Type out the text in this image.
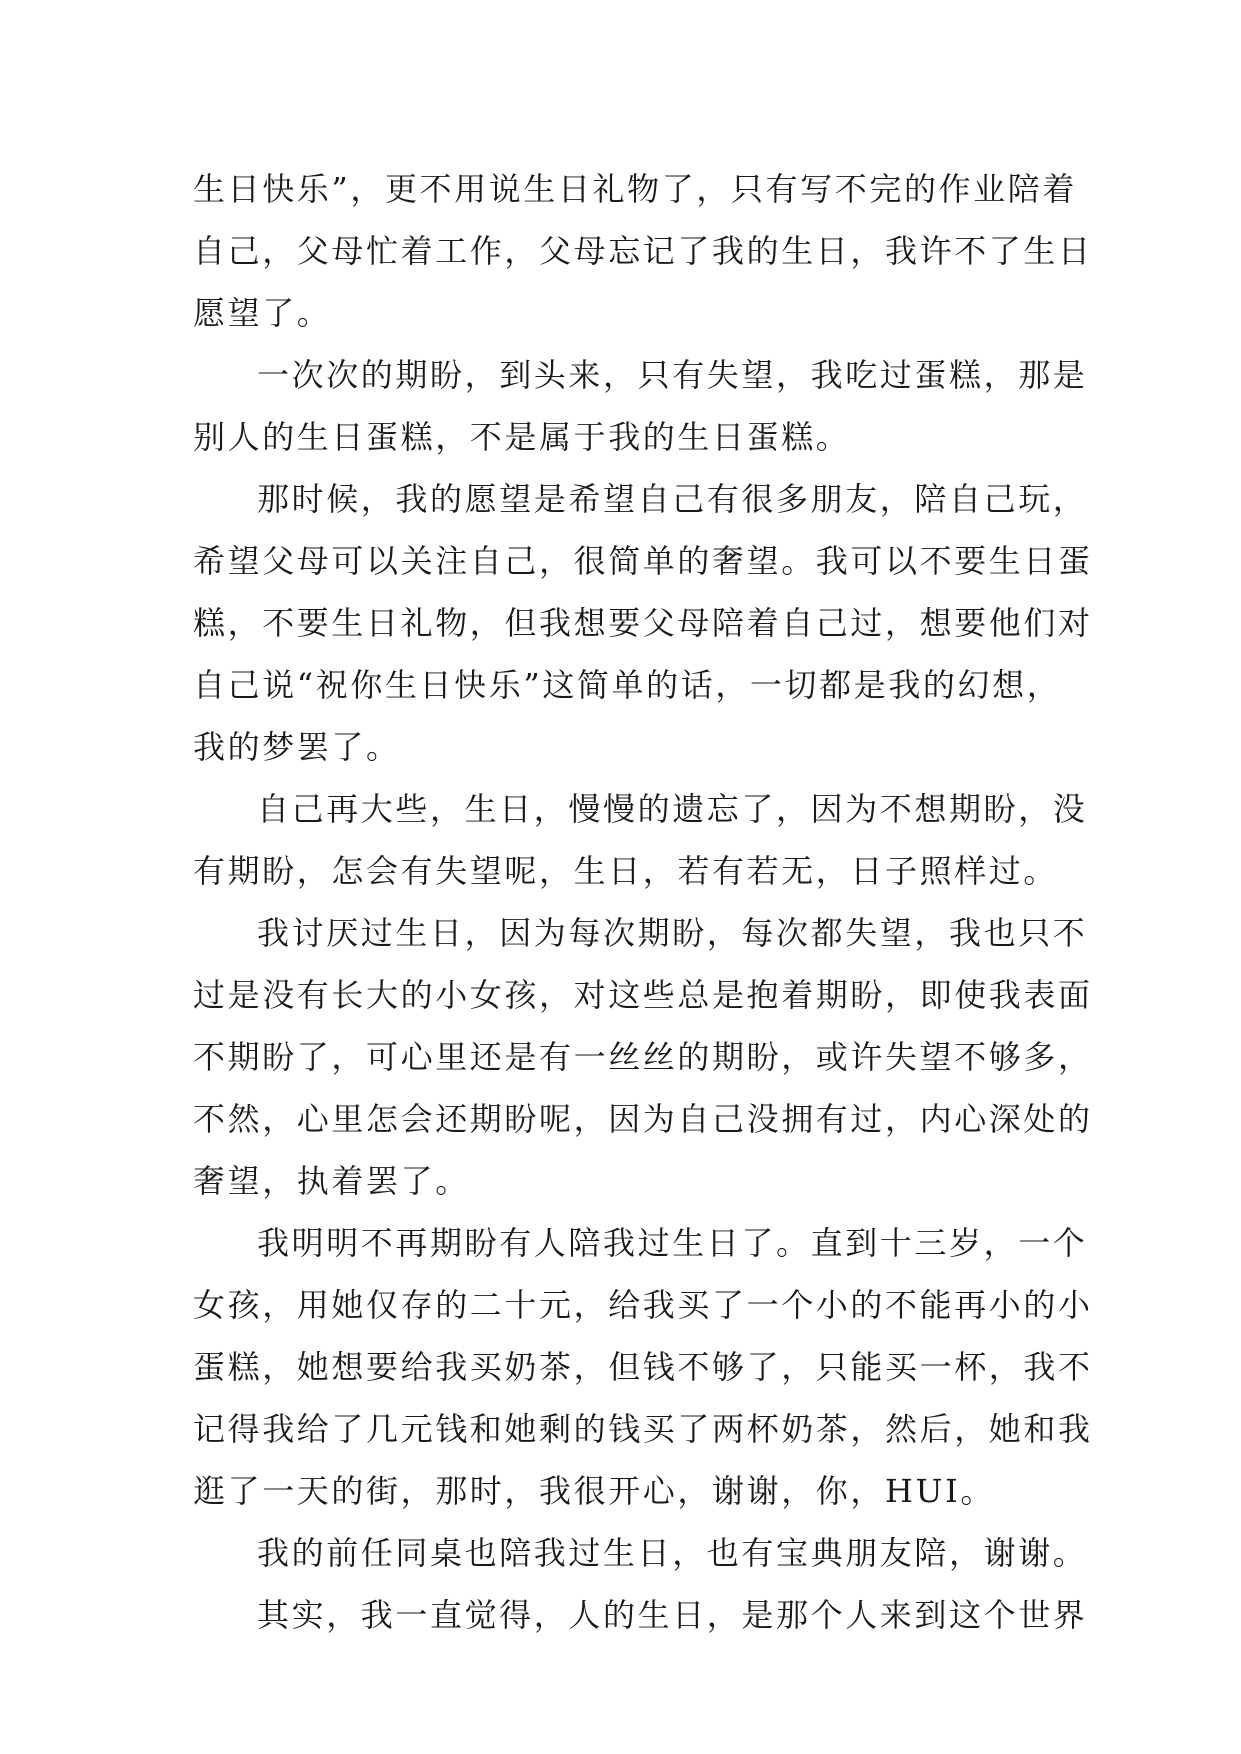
生日快乐”，更不用说生日礼物了，只有写不完的作业陪着
自己，父母忙着工作，父母忘记了我的生日，我许不了生日
愿望了。
一次次的期盼，到头来，只有失望，我吃过蛋糕，那是
别人的生日蛋糕，不是属于我的生日蛋糕。
那时候，我的愿望是希望自己有很多朋友，陪自己玩，
希望父母可以关注自己，很简单的奢望。我可以不要生日蛋
糕，不要生日礼物，但我想要父母陪着自己过，想要他们对
自己说“祝你生日快乐”这简单的话，一切都是我的幻想，
我的梦罢了。
自己再大些，生日，慢慢的遗忘了，因为不想期盼，没
有期盼，怎会有失望呢，生日，若有若无，日子照样过。
我讨厌过生日，因为每次期盼，每次都失望，我也只不
过是没有长大的小女孩，对这些总是抱着期盼，即使我表面
不期盼了，可心里还是有一丝丝的期盼，或许失望不够多，
不然，心里怎会还期盼呢，因为自己没拥有过，内心深处的
奢望，执着罢了。
我明明不再期盼有人陪我过生日了。直到十三岁，一个
女孩，用她仅存的二十元，给我买了一个小的不能再小的小
蛋糕，她想要给我买奶茶，但钱不够了，只能买一杯，我不
记得我给了几元钱和她剩的钱买了两杯奶茶，然后，她和我
逛了一天的街，那时，我很开心，谢谢，你，HUI。
我的前任同桌也陪我过生日，也有宝典朋友陪，谢谢。
其实，我一直觉得，人的生日，是那个人来到这个世界
